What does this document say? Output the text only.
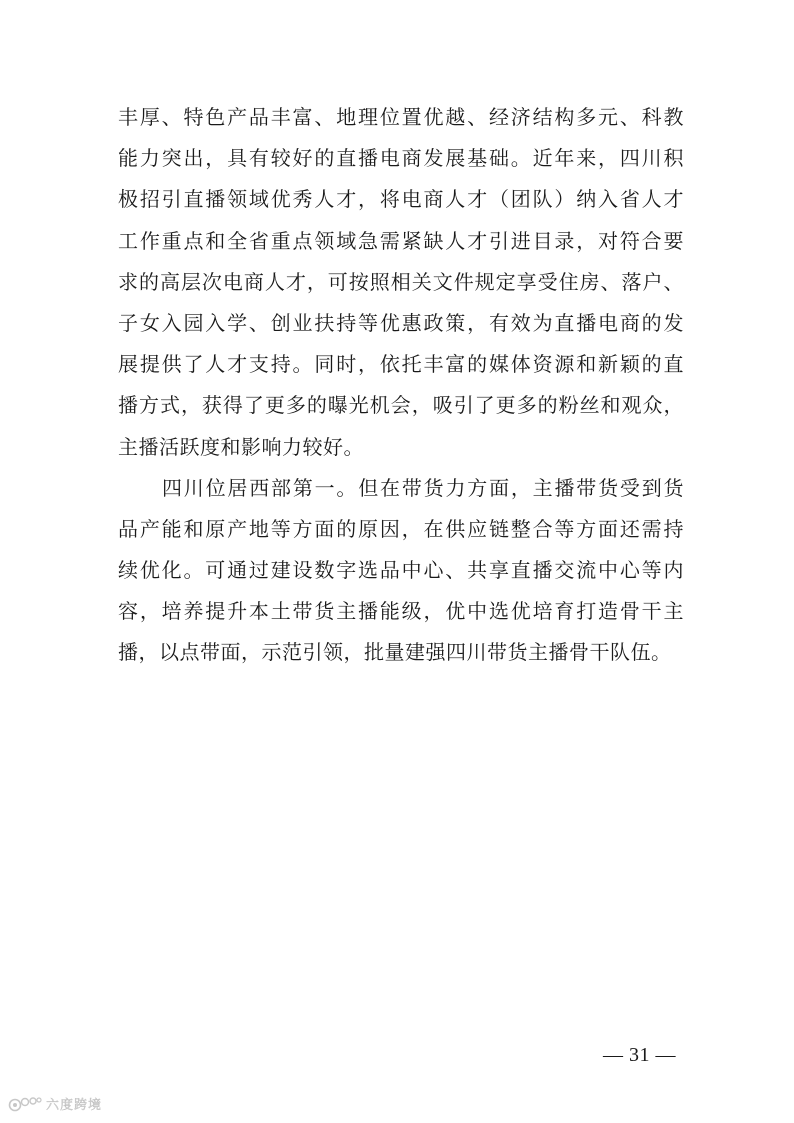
丰厚、特色产品丰富、地理位置优越、经济结构多元、科教
能力突出，具有较好的直播电商发展基础。近年来，四川积
极招引直播领域优秀人才，将电商人才（团队）纳入省人才
工作重点和全省重点领域急需紧缺人才引进目录，对符合要
求的高层次电商人才，可按照相关文件规定享受住房、落户、
子女入园入学、创业扶持等优惠政策，有效为直播电商的发
展提供了人才支持。同时，依托丰富的媒体资源和新颖的直
播方式，获得了更多的曝光机会，吸引了更多的粉丝和观众，
主播活跃度和影响力较好。
四川位居西部第一。但在带货力方面，主播带货受到货
品产能和原产地等方面的原因，在供应链整合等方面还需持
续优化。可通过建设数字选品中心、共享直播交流中心等内
容，培养提升本土带货主播能级，优中选优培育打造骨干主
播，以点带面，示范引领，批量建强四川带货主播骨干队伍。
— 31 —
六度跨境
